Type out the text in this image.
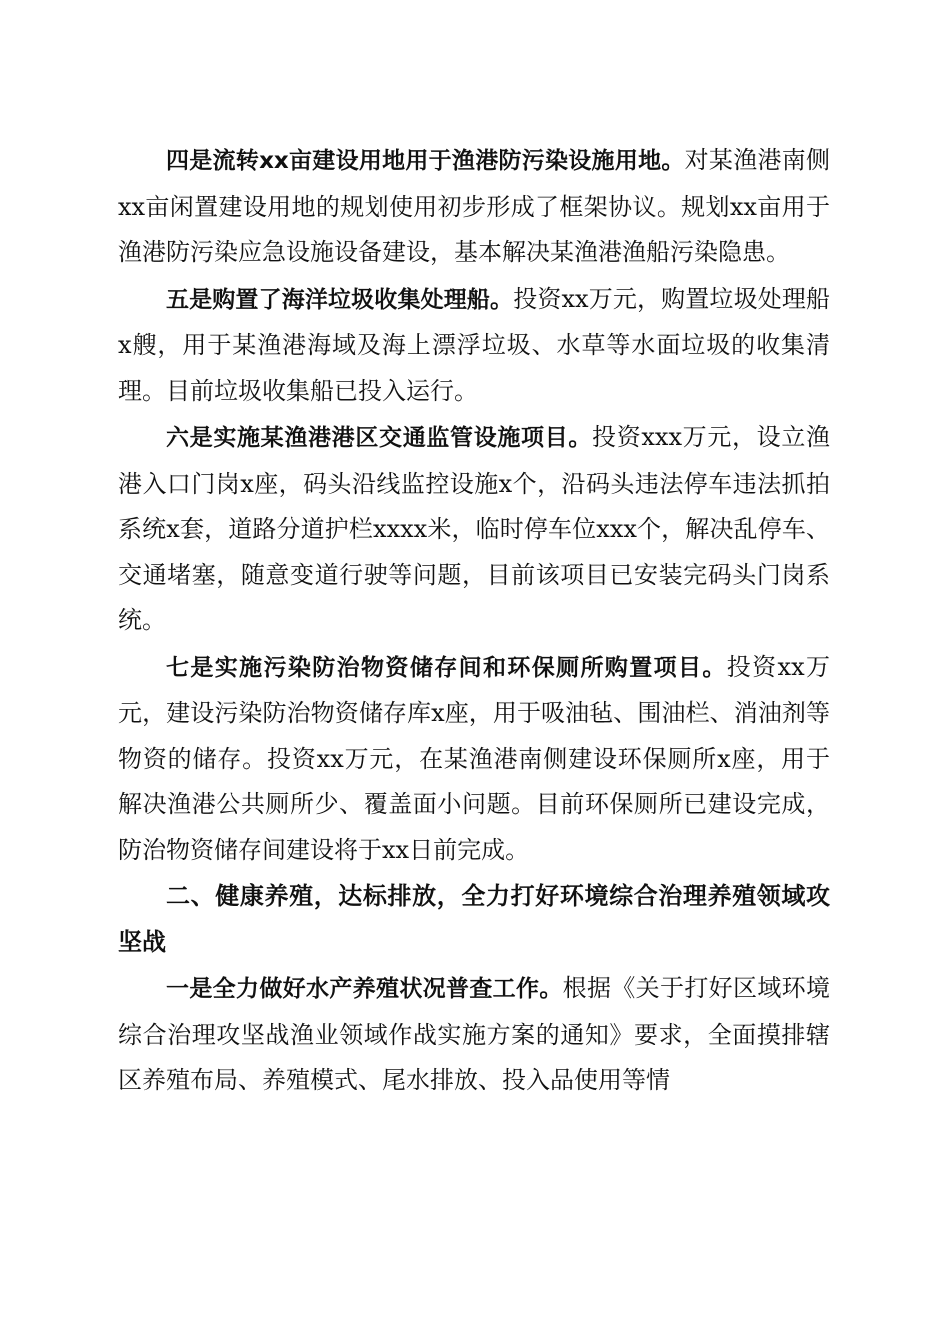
四是流转xx亩建设用地用于渔港防污染设施用地。对某渔港南侧xx亩闲置建设用地的规划使用初步形成了框架协议。规划xx亩用于渔港防污染应急设施设备建设，基本解决某渔港渔船污染隐患。

五是购置了海洋垃圾收集处理船。投资xx万元，购置垃圾处理船x艘，用于某渔港海域及海上漂浮垃圾、水草等水面垃圾的收集清理。目前垃圾收集船已投入运行。

六是实施某渔港港区交通监管设施项目。投资xxx万元，设立渔港入口门岗x座，码头沿线监控设施x个，沿码头违法停车违法抓拍系统x套，道路分道护栏xxxx米，临时停车位xxx个，解决乱停车、交通堵塞，随意变道行驶等问题，目前该项目已安装完码头门岗系统。

七是实施污染防治物资储存间和环保厕所购置项目。投资xx万元，建设污染防治物资储存库x座，用于吸油毡、围油栏、消油剂等物资的储存。投资xx万元，在某渔港南侧建设环保厕所x座，用于解决渔港公共厕所少、覆盖面小问题。目前环保厕所已建设完成，防治物资储存间建设将于xx日前完成。

二、健康养殖，达标排放，全力打好环境综合治理养殖领域攻坚战

一是全力做好水产养殖状况普查工作。根据《关于打好区域环境综合治理攻坚战渔业领域作战实施方案的通知》要求，全面摸排辖区养殖布局、养殖模式、尾水排放、投入品使用等情
